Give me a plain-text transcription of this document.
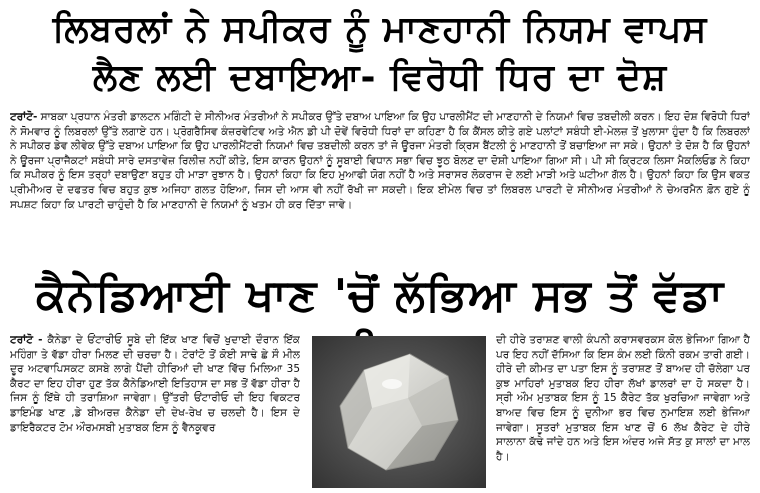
ਲਿਬਰਲਾਂ ਨੇ ਸਪੀਕਰ ਨੂੰ ਮਾਣਹਾਨੀ ਨਿਯਮ ਵਾਪਸ
ਲੈਣ ਲਈ ਦਬਾਇਆ- ਵਿਰੋਧੀ ਧਿਰ ਦਾ ਦੋਸ਼

ਟਰਾਂਟੋ- ਸਾਬਕਾ ਪ੍ਰਧਾਨ ਮੰਤਰੀ ਡਾਲਟਨ ਮਗਿੰਟੀ ਦੇ ਸੀਨੀਅਰ ਮੰਤਰੀਆਂ ਨੇ ਸਪੀਕਰ ਉੱਤੇ ਦਬਾਅ ਪਾਇਆ ਕਿ ਉਹ ਪਾਰਲੀਮੈਂਟ ਦੀ ਮਾਣਹਾਨੀ ਦੇ ਨਿਯਮਾਂ ਵਿਚ ਤਬਦੀਲੀ ਕਰਨ। ਇਹ ਦੋਸ਼ ਵਿਰੋਧੀ ਧਿਰਾਂ ਨੇ ਸੋਮਵਾਰ ਨੂੰ ਲਿਬਰਲਾਂ ਉੱਤੇ ਲਗਾਏ ਹਨ। ਪ੍ਰੋਗਰੈਸਿਵ ਕੰਜ਼ਰਵੇਟਿਵ ਅਤੇ ਐਨ ਡੀ ਪੀ ਦੋਵੇਂ ਵਿਰੋਧੀ ਧਿਰਾਂ ਦਾ ਕਹਿਣਾ ਹੈ ਕਿ ਕੈਂਸਲ ਕੀਤੇ ਗਏ ਪਲਾਂਟਾਂ ਸਬੰਧੀ ਈ-ਮੇਲਜ਼ ਤੋਂ ਖੁਲਾਸਾ ਹੁੰਦਾ ਹੈ ਕਿ ਲਿਬਰਲਾਂ ਨੇ ਸਪੀਕਰ ਡੇਵ ਲੀਵੇਕ ਉੱਤੇ ਦਬਾਅ ਪਾਇਆ ਕਿ ਉਹ ਪਾਰਲੀਮੈਂਟਰੀ ਨਿਯਮਾਂ ਵਿਚ ਤਬਦੀਲੀ ਕਰਨ ਤਾਂ ਜੋ ਊਰਜਾ ਮੰਤਰੀ ਕ੍ਰਿਸ ਬੈਂਟਲੀ ਨੂੰ ਮਾਣਹਾਨੀ ਤੋਂ ਬਚਾਇਆ ਜਾ ਸਕੇ। ਉਹਨਾਂ ਤੇ ਦੋਸ਼ ਹੈ ਕਿ ਉਹਨਾਂ ਨੇ ਊਰਜਾ ਪ੍ਰਾਜੈਕਟਾਂ ਸਬੰਧੀ ਸਾਰੇ ਦਸਤਾਵੇਜ਼ ਰਿਲੀਜ਼ ਨਹੀਂ ਕੀਤੇ, ਇਸ ਕਾਰਨ ਉਹਨਾਂ ਨੂੰ ਸੂਬਾਈ ਵਿਧਾਨ ਸਭਾ ਵਿਚ ਝੂਠ ਬੋਲਣ ਦਾ ਦੋਸ਼ੀ ਪਾਇਆ ਗਿਆ ਸੀ। ਪੀ ਸੀ ਕ੍ਰਿਟਕ ਲਿਸਾ ਮੈਕਲਿਓਡ ਨੇ ਕਿਹਾ ਕਿ ਸਪੀਕਰ ਨੂੰ ਇਸ ਤਰ੍ਹਾਂ ਦਬਾਉਣਾ ਬਹੁਤ ਹੀ ਮਾੜਾ ਰੁਝਾਨ ਹੈ। ਉਹਨਾਂ ਕਿਹਾ ਕਿ ਇਹ ਮੁਆਫੀ ਯੋਗ ਨਹੀਂ ਹੈ ਅਤੇ ਸਰਾਸਰ ਲੋਕਰਾਜ ਦੇ ਲਈ ਮਾੜੀ ਅਤੇ ਘਟੀਆ ਗੱਲ ਹੈ। ਉਹਨਾਂ ਕਿਹਾ ਕਿ ਉਸ ਵਕਤ ਪ੍ਰੀਮੀਅਰ ਦੇ ਦਫਤਰ ਵਿਚ ਬਹੁਤ ਕੁਝ ਅਜਿਹਾ ਗਲਤ ਹੋਇਆ, ਜਿਸ ਦੀ ਆਸ ਵੀ ਨਹੀਂ ਰੱਖੀ ਜਾ ਸਕਦੀ। ਇਕ ਈਮੇਲ ਵਿਚ ਤਾਂ ਲਿਬਰਲ ਪਾਰਟੀ ਦੇ ਸੀਨੀਅਰ ਮੰਤਰੀਆਂ ਨੇ ਚੇਅਰਮੈਨ ਫ਼ੋਨ ਗੁਏ ਨੂੰ ਸਪਸ਼ਟ ਕਿਹਾ ਕਿ ਪਾਰਟੀ ਚਾਹੁੰਦੀ ਹੈ ਕਿ ਮਾਣਹਾਨੀ ਦੇ ਨਿਯਮਾਂ ਨੂੰ ਖਤਮ ਹੀ ਕਰ ਦਿੱਤਾ ਜਾਵੇ।

ਕੈਨੇਡਿਆਈ ਖਾਣ 'ਚੋਂ ਲੱਭਿਆ ਸਭ ਤੋਂ ਵੱਡਾ

ਟਰਾਂਟੋ - ਕੈਨੇਡਾ ਦੇ ਓਂਟਾਰੀਓ ਸੂਬੇ ਦੀ ਇੱਕ ਖਾਣ ਵਿਚੋਂ ਖੁਦਾਈ ਦੌਰਾਨ ਇੱਕ ਮਹਿੰਗਾ ਤੇ ਵੱਡਾ ਹੀਰਾ ਮਿਲਣ ਦੀ ਚਰਚਾ ਹੈ। ਟੋਰਾਂਟੋ ਤੋਂ ਕੋਈ ਸਾਢੇ ਛੇ ਸੌ ਮੀਲ ਦੂਰ ਅਟਵਾਪਿਸਕਟ ਕਸਬੇ ਲਾਗੇ ਪੈਂਦੀ ਹੀਰਿਆਂ ਦੀ ਖਾਣ ਵਿੱਚ ਮਿਲਿਆ 35 ਕੈਰਟ ਦਾ ਇਹ ਹੀਰਾ ਹੁਣ ਤੱਕ ਕੈਨੇਡਿਆਈ ਇਤਿਹਾਸ ਦਾ ਸਭ ਤੋਂ ਵੱਡਾ ਹੀਰਾ ਹੈ ਜਿਸ ਨੂੰ ਇੱਥੇ ਹੀ ਤਰਾਸ਼ਿਆ ਜਾਵੇਗਾ। ਉੱਤਰੀ ਓਂਟਾਰੀਓ ਦੀ ਇਹ ਵਿਕਟਰ ਡਾਇਮੰਡ ਖਾਣ ,ਡੇ ਬੀਅਰਜ਼ ਕੈਨੇਡਾ ਦੀ ਦੇਖ-ਰੇਖ ਚ ਚਲਦੀ ਹੈ। ਇਸ ਦੇ ਡਾਇਰੈਕਟਰ ਟੋਮ ਔਰਮਸਬੀ ਮੁਤਾਬਕ ਇਸ ਨੂੰ ਵੈਨਕੂਵਰ

ਦੀ ਹੀਰੇ ਤਰਾਸ਼ਣ ਵਾਲੀ ਕੰਪਨੀ ਕਰਾਸਵਰਕਸ ਕੋਲ ਭੇਜਿਆ ਗਿਆ ਹੈ ਪਰ ਇਹ ਨਹੀਂ ਦੱਸਿਆ ਕਿ ਇਸ ਕੰਮ ਲਈ ਕਿੰਨੀ ਰਕਮ ਤਾਰੀ ਗਈ। ਹੀਰੇ ਦੀ ਕੀਮਤ ਦਾ ਪਤਾ ਇਸ ਨੂੰ ਤਰਾਸ਼ਣ ਤੋਂ ਬਾਅਦ ਹੀ ਚੱਲੇਗਾ ਪਰ ਕੁਝ ਮਾਹਿਰਾਂ ਮੁਤਾਬਕ ਇਹ ਹੀਰਾ ਲੱਖਾਂ ਡਾਲਰਾਂ ਦਾ ਹੋ ਸਕਦਾ ਹੈ। ਸ੍ਰੀ ਔਮ ਮੁਤਾਬਕ ਇਸ ਨੂੰ 15 ਕੈਰੇਟ ਤੱਕ ਖੁਰਚਿਆ ਜਾਵੇਗਾ ਅਤੇ ਬਾਅਦ ਵਿਚ ਇਸ ਨੂੰ ਦੁਨੀਆ ਭਰ ਵਿਚ ਨੁਮਾਇਸ਼ ਲਈ ਭੇਜਿਆ ਜਾਵੇਗਾ। ਸੂਤਰਾਂ ਮੁਤਾਬਕ ਇਸ ਖਾਣ ਚੋਂ 6 ਲੱਖ ਕੈਰੇਟ ਦੇ ਹੀਰੇ ਸਾਲਾਨਾ ਕੱਢੇ ਜਾਂਦੇ ਹਨ ਅਤੇ ਇਸ ਅੰਦਰ ਅਜੇ ਸੱਤ ਕੁ ਸਾਲਾਂ ਦਾ ਮਾਲ ਹੈ।
